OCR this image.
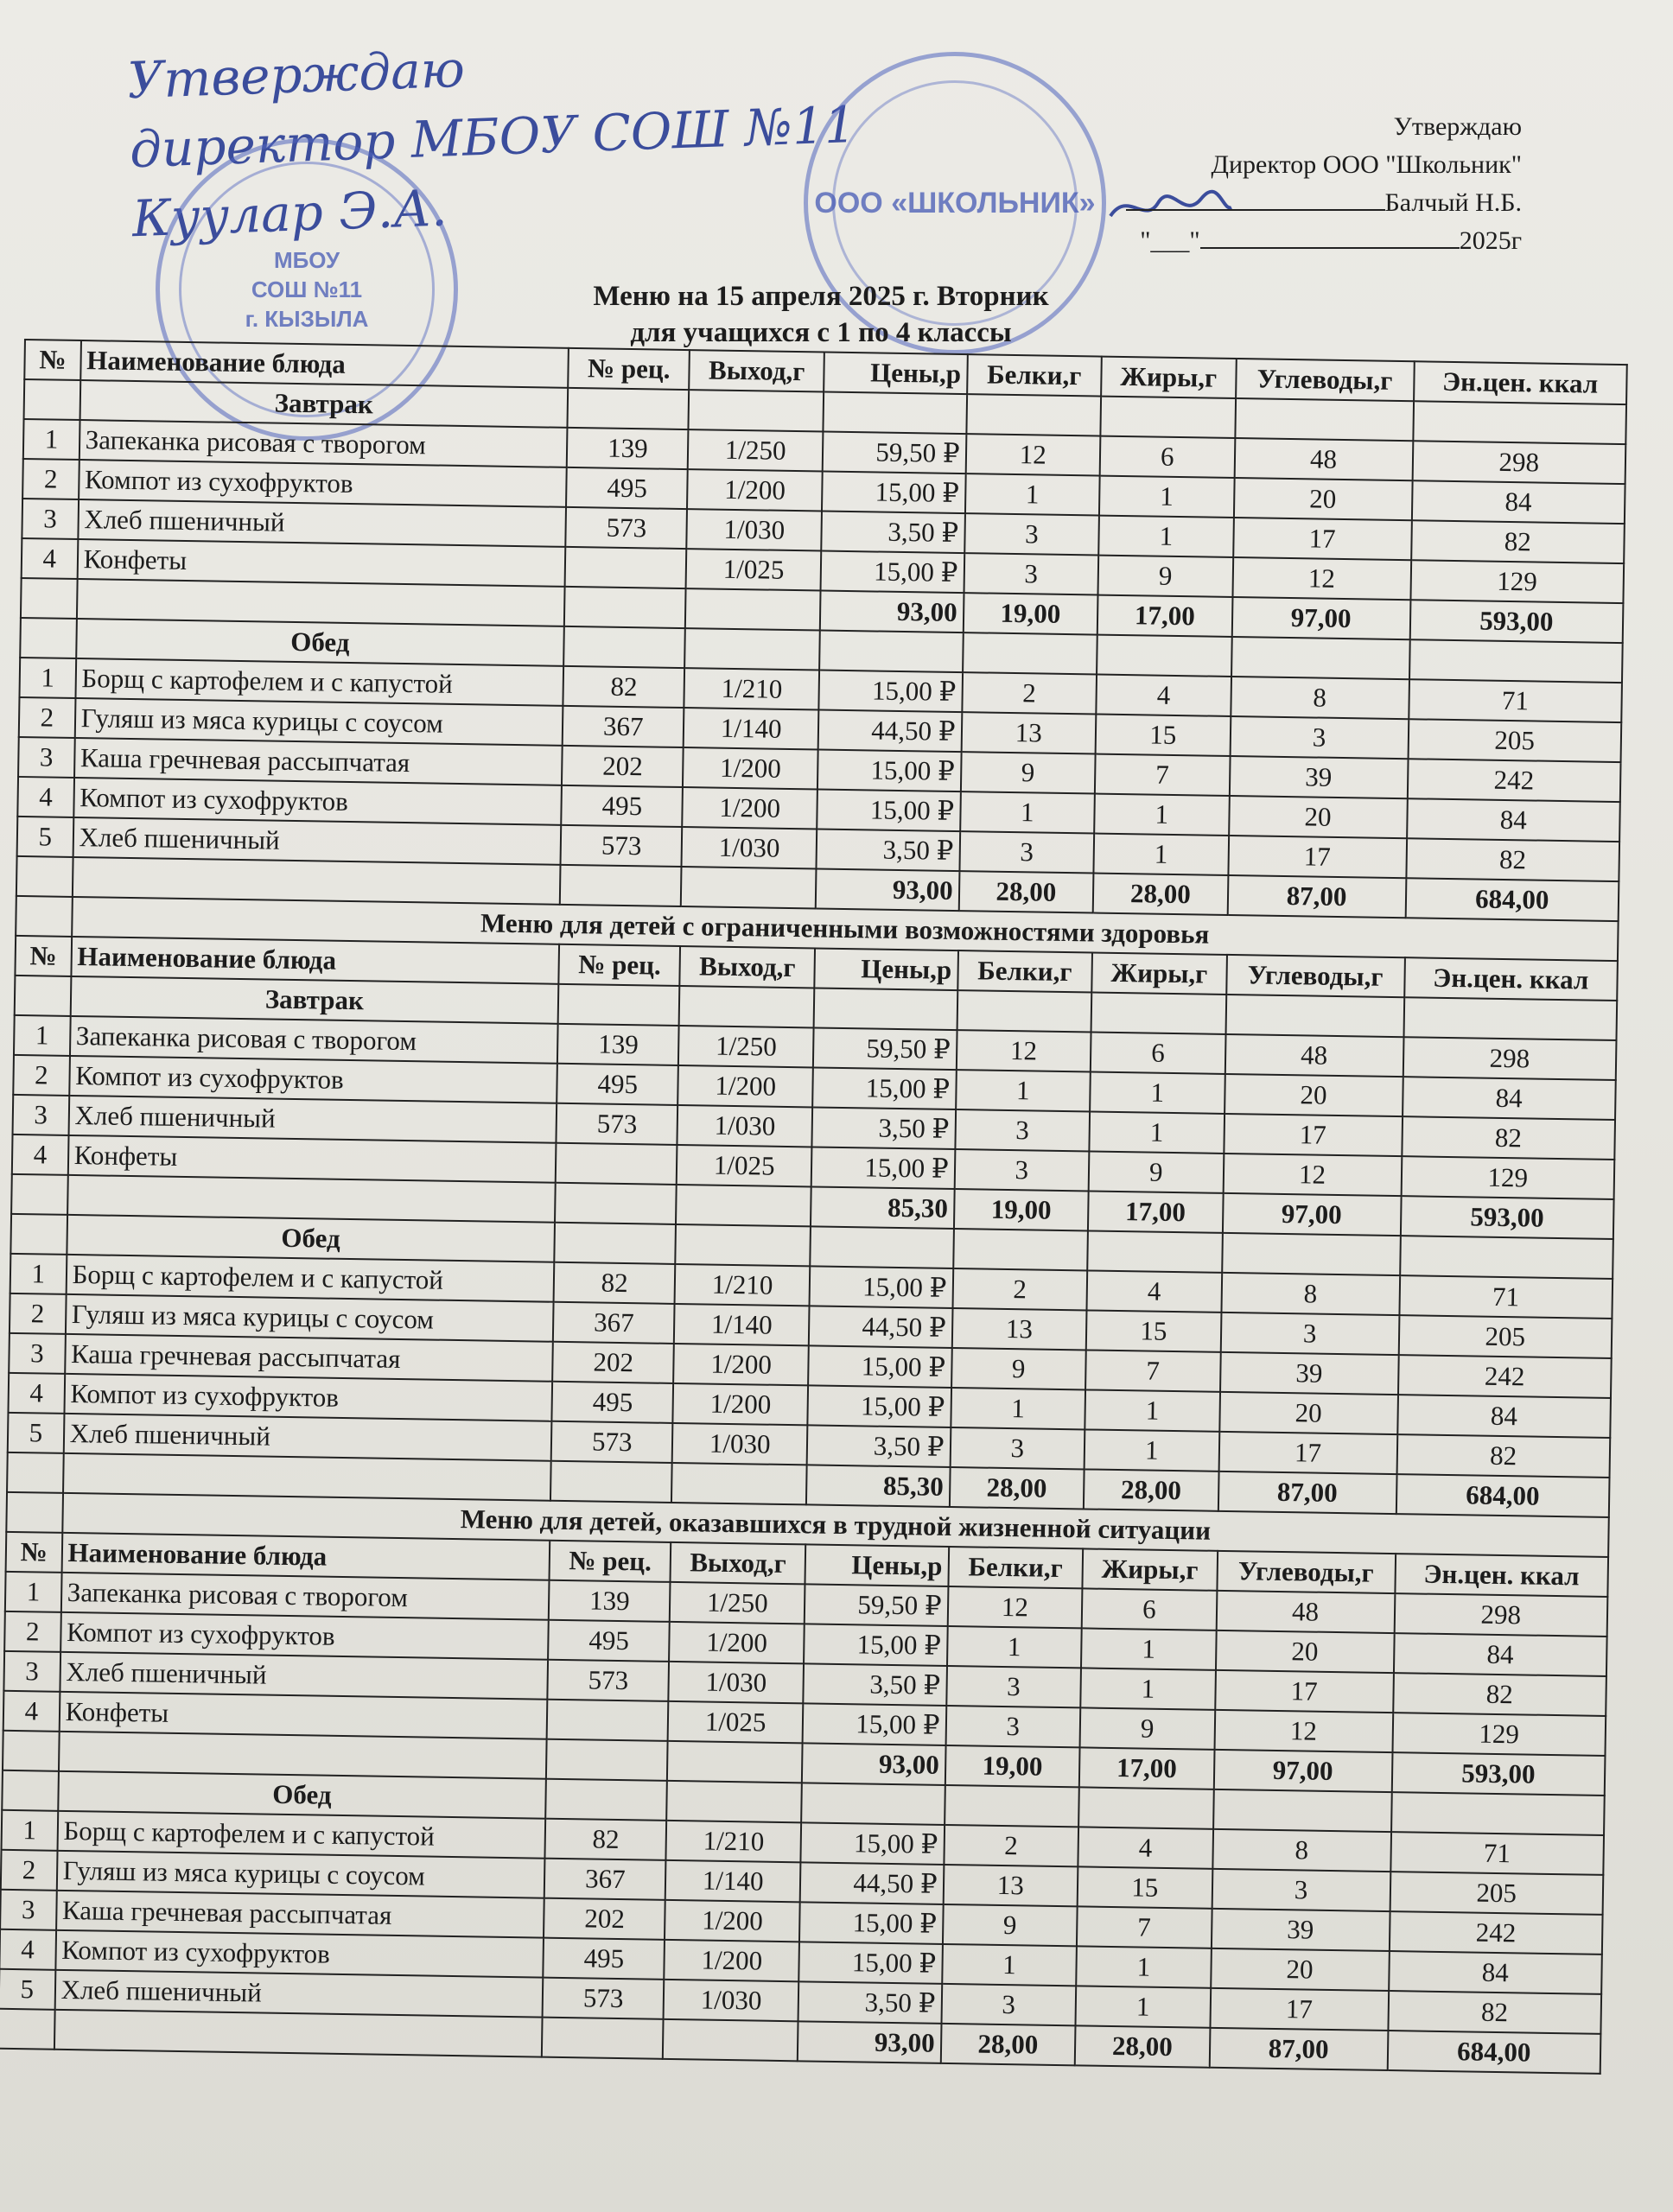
Утверждаю
директор МБОУ СОШ №11
Куулар Э.А.
МБОУ
СОШ №11
г. КЫЗЫЛА
ООО «ШКОЛЬНИК»
Утверждаю
Директор ООО "Школьник"
Балчый Н.Б.
"___"	2025г
Меню на 15 апреля 2025 г. Вторник
для учащихся с 1 по 4 классы
№	Наименование блюда	№ рец.	Выход,г	Цены,р	Белки,г	Жиры,г	Углеводы,г	Эн.цен. ккал
	Завтрак							
1	Запеканка рисовая с творогом	139	1/250	59,50 ₽	12	6	48	298
2	Компот из сухофруктов	495	1/200	15,00 ₽	1	1	20	84
3	Хлеб пшеничный	573	1/030	3,50 ₽	3	1	17	82
4	Конфеты		1/025	15,00 ₽	3	9	12	129
				93,00	19,00	17,00	97,00	593,00
	Обед							
1	Борщ с картофелем и с капустой	82	1/210	15,00 ₽	2	4	8	71
2	Гуляш из мяса курицы с соусом	367	1/140	44,50 ₽	13	15	3	205
3	Каша гречневая рассыпчатая	202	1/200	15,00 ₽	9	7	39	242
4	Компот из сухофруктов	495	1/200	15,00 ₽	1	1	20	84
5	Хлеб пшеничный	573	1/030	3,50 ₽	3	1	17	82
				93,00	28,00	28,00	87,00	684,00
	Меню для детей с ограниченными возможностями здоровья							
№	Наименование блюда	№ рец.	Выход,г	Цены,р	Белки,г	Жиры,г	Углеводы,г	Эн.цен. ккал
	Завтрак							
1	Запеканка рисовая с творогом	139	1/250	59,50 ₽	12	6	48	298
2	Компот из сухофруктов	495	1/200	15,00 ₽	1	1	20	84
3	Хлеб пшеничный	573	1/030	3,50 ₽	3	1	17	82
4	Конфеты		1/025	15,00 ₽	3	9	12	129
				85,30	19,00	17,00	97,00	593,00
	Обед							
1	Борщ с картофелем и с капустой	82	1/210	15,00 ₽	2	4	8	71
2	Гуляш из мяса курицы с соусом	367	1/140	44,50 ₽	13	15	3	205
3	Каша гречневая рассыпчатая	202	1/200	15,00 ₽	9	7	39	242
4	Компот из сухофруктов	495	1/200	15,00 ₽	1	1	20	84
5	Хлеб пшеничный	573	1/030	3,50 ₽	3	1	17	82
				85,30	28,00	28,00	87,00	684,00
	Меню для детей, оказавшихся в трудной жизненной ситуации							
№	Наименование блюда	№ рец.	Выход,г	Цены,р	Белки,г	Жиры,г	Углеводы,г	Эн.цен. ккал
1	Запеканка рисовая с творогом	139	1/250	59,50 ₽	12	6	48	298
2	Компот из сухофруктов	495	1/200	15,00 ₽	1	1	20	84
3	Хлеб пшеничный	573	1/030	3,50 ₽	3	1	17	82
4	Конфеты		1/025	15,00 ₽	3	9	12	129
				93,00	19,00	17,00	97,00	593,00
	Обед							
1	Борщ с картофелем и с капустой	82	1/210	15,00 ₽	2	4	8	71
2	Гуляш из мяса курицы с соусом	367	1/140	44,50 ₽	13	15	3	205
3	Каша гречневая рассыпчатая	202	1/200	15,00 ₽	9	7	39	242
4	Компот из сухофруктов	495	1/200	15,00 ₽	1	1	20	84
5	Хлеб пшеничный	573	1/030	3,50 ₽	3	1	17	82
				93,00	28,00	28,00	87,00	684,00
